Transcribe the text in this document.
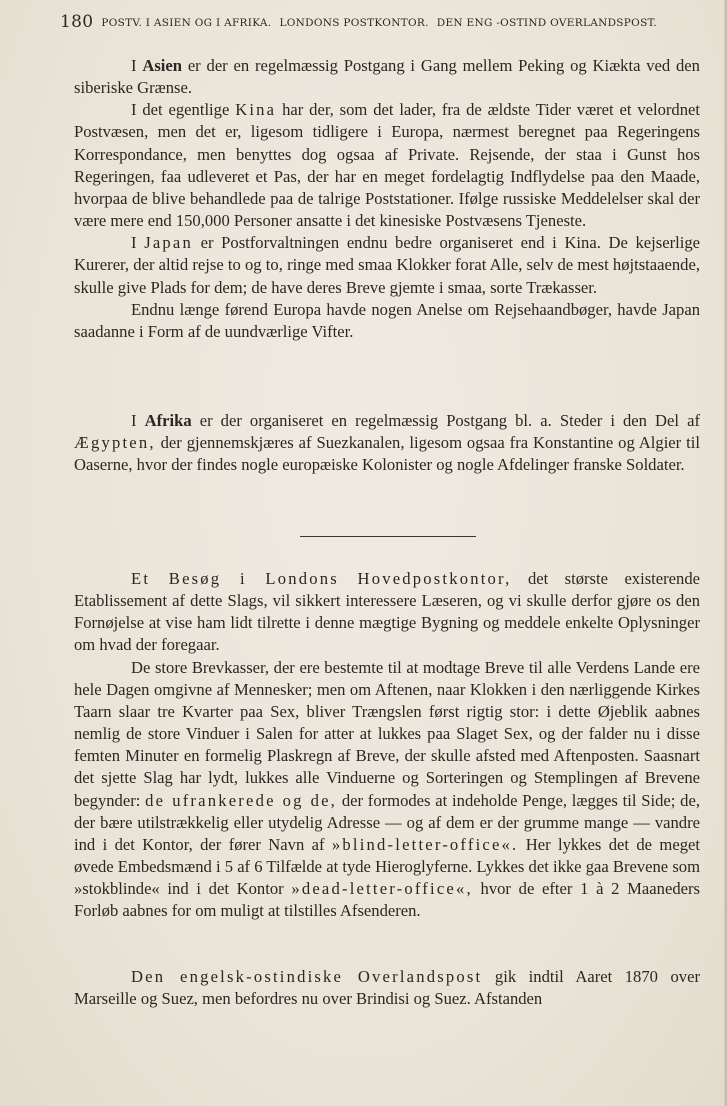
180 POSTV. I ASIEN OG I AFRIKA. LONDONS POSTKONTOR. DEN ENG -OSTIND OVERLANDSPOST.

I Asien er der en regelmæssig Postgang i Gang mellem Peking og Kiækta ved den siberiske Grænse.

I det egentlige Kina har der, som det lader, fra de ældste Tider været et velordnet Postvæsen, men det er, ligesom tidligere i Europa, nærmest beregnet paa Regeringens Korrespondance, men benyttes dog ogsaa af Private. Rejsende, der staa i Gunst hos Regeringen, faa udleveret et Pas, der har en meget fordelagtig Indflydelse paa den Maade, hvorpaa de blive behandlede paa de talrige Poststationer. Ifølge russiske Meddelelser skal der være mere end 150,000 Personer ansatte i det kinesiske Postvæsens Tjeneste.

I Japan er Postforvaltningen endnu bedre organiseret end i Kina. De kejserlige Kurerer, der altid rejse to og to, ringe med smaa Klokker forat Alle, selv de mest højtstaaende, skulle give Plads for dem; de have deres Breve gjemte i smaa, sorte Trækasser.

Endnu længe førend Europa havde nogen Anelse om Rejsehaandbøger, havde Japan saadanne i Form af de uundværlige Vifter.

I Afrika er der organiseret en regelmæssig Postgang bl. a. Steder i den Del af Ægypten, der gjennemskjæres af Suezkanalen, ligesom ogsaa fra Konstantine og Algier til Oaserne, hvor der findes nogle europæiske Kolonister og nogle Afdelinger franske Soldater.

Et Besøg i Londons Hovedpostkontor, det største existerende Etablissement af dette Slags, vil sikkert interessere Læseren, og vi skulle derfor gjøre os den Fornøjelse at vise ham lidt tilrette i denne mægtige Bygning og meddele enkelte Oplysninger om hvad der foregaar.

De store Brevkasser, der ere bestemte til at modtage Breve til alle Verdens Lande ere hele Dagen omgivne af Mennesker; men om Aftenen, naar Klokken i den nærliggende Kirkes Taarn slaar tre Kvarter paa Sex, bliver Trængslen først rigtig stor: i dette Øjeblik aabnes nemlig de store Vinduer i Salen for atter at lukkes paa Slaget Sex, og der falder nu i disse femten Minuter en formelig Plaskregn af Breve, der skulle afsted med Aftenposten. Saasnart det sjette Slag har lydt, lukkes alle Vinduerne og Sorteringen og Stemplingen af Brevene begynder: de ufrankerede og de, der formodes at indeholde Penge, lægges til Side; de, der bære utilstrækkelig eller utydelig Adresse — og af dem er der grumme mange — vandre ind i det Kontor, der fører Navn af »blind-letter-office«. Her lykkes det de meget øvede Embedsmænd i 5 af 6 Tilfælde at tyde Hieroglyferne. Lykkes det ikke gaa Brevene som »stokblinde« ind i det Kontor »dead-letter-office«, hvor de efter 1 à 2 Maaneders Forløb aabnes for om muligt at tilstilles Afsenderen.

Den engelsk-ostindiske Overlandspost gik indtil Aaret 1870 over Marseille og Suez, men befordres nu over Brindisi og Suez. Afstanden
